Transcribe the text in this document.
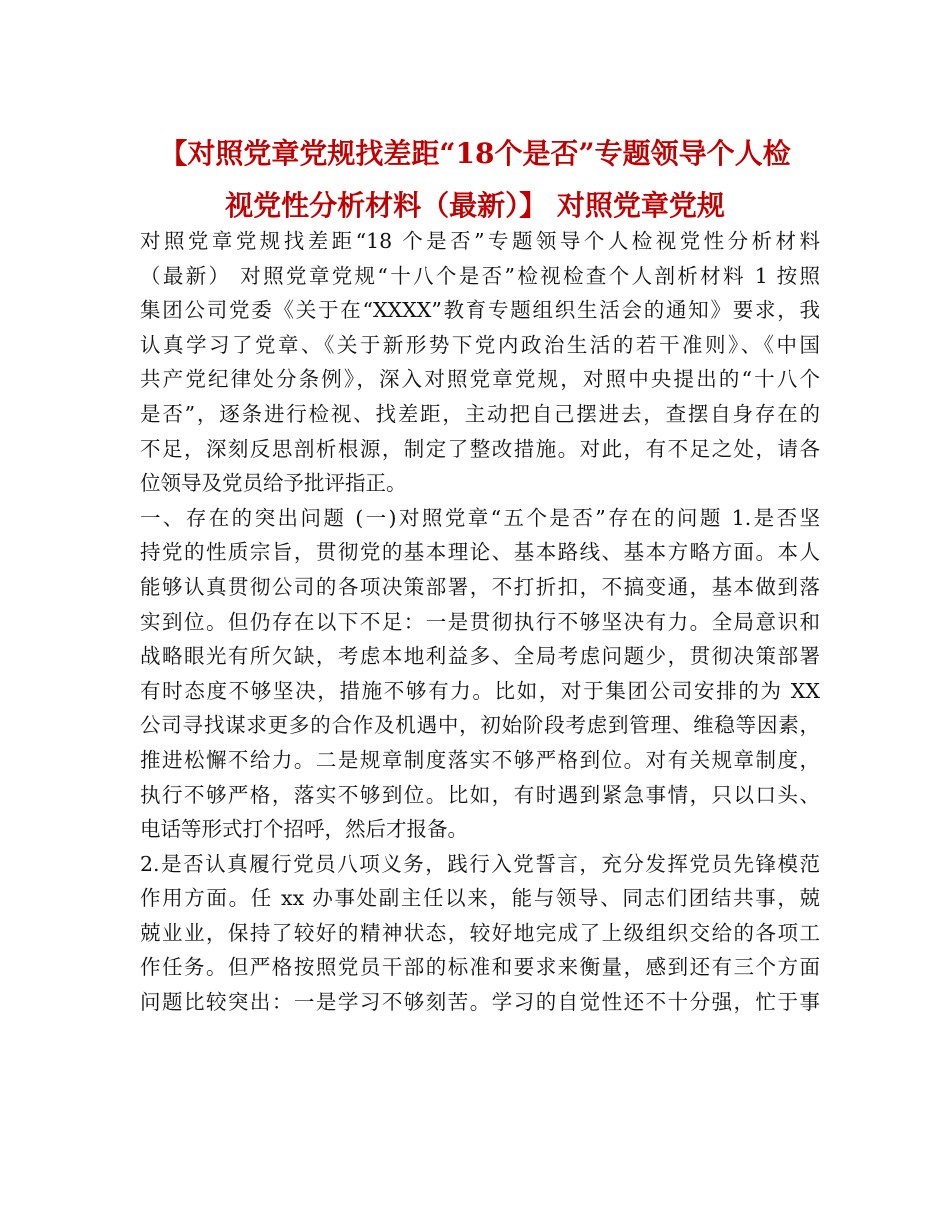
【对照党章党规找差距“18个是否”专题领导个人检
视党性分析材料（最新）】 对照党章党规
对照党章党规找差距“18 个是否”专题领导个人检视党性分析材料
（最新） 对照党章党规“十八个是否”检视检查个人剖析材料 1 按照
集团公司党委《关于在“XXXX”教育专题组织生活会的通知》要求，我
认真学习了党章、《关于新形势下党内政治生活的若干准则》、《中国
共产党纪律处分条例》，深入对照党章党规，对照中央提出的“十八个
是否”，逐条进行检视、找差距，主动把自己摆进去，查摆自身存在的
不足，深刻反思剖析根源，制定了整改措施。对此，有不足之处，请各
位领导及党员给予批评指正。
一、存在的突出问题 (一)对照党章“五个是否”存在的问题 1.是否坚
持党的性质宗旨，贯彻党的基本理论、基本路线、基本方略方面。本人
能够认真贯彻公司的各项决策部署，不打折扣，不搞变通，基本做到落
实到位。但仍存在以下不足：一是贯彻执行不够坚决有力。全局意识和
战略眼光有所欠缺，考虑本地利益多、全局考虑问题少，贯彻决策部署
有时态度不够坚决，措施不够有力。比如，对于集团公司安排的为 XX
公司寻找谋求更多的合作及机遇中，初始阶段考虑到管理、维稳等因素，
推进松懈不给力。二是规章制度落实不够严格到位。对有关规章制度，
执行不够严格，落实不够到位。比如，有时遇到紧急事情，只以口头、
电话等形式打个招呼，然后才报备。
2.是否认真履行党员八项义务，践行入党誓言，充分发挥党员先锋模范
作用方面。任 xx 办事处副主任以来，能与领导、同志们团结共事，兢
兢业业，保持了较好的精神状态，较好地完成了上级组织交给的各项工
作任务。但严格按照党员干部的标准和要求来衡量，感到还有三个方面
问题比较突出：一是学习不够刻苦。学习的自觉性还不十分强，忙于事
